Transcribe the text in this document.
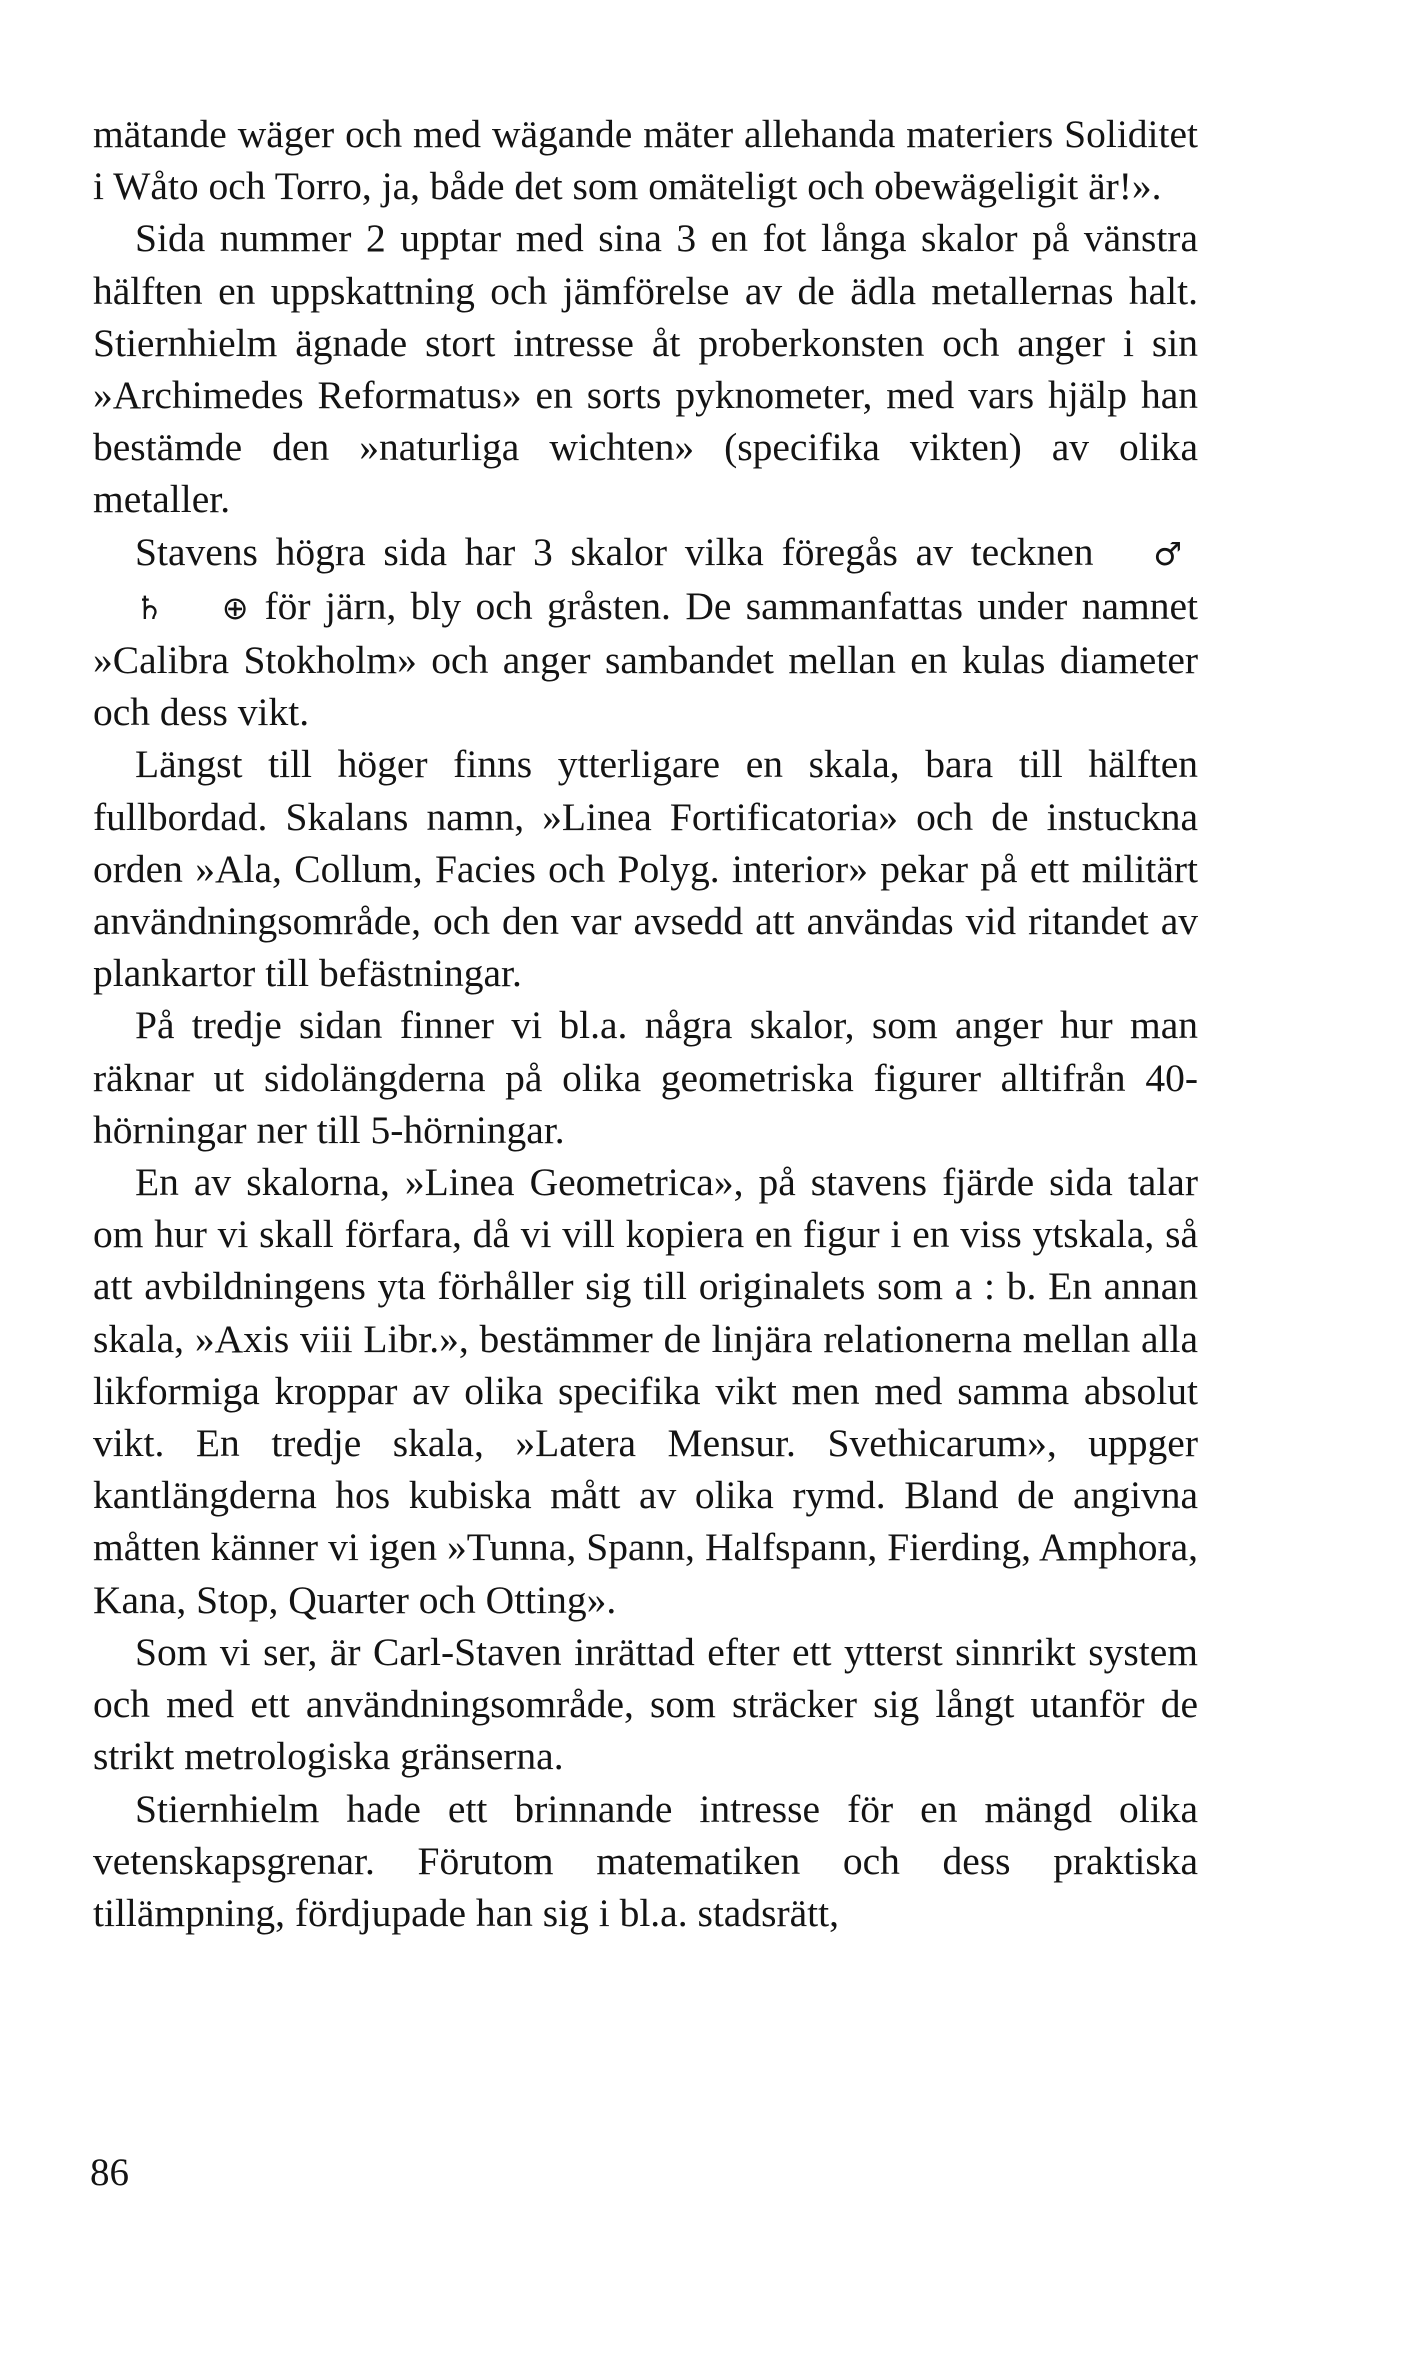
mätande wäger och med wägande mäter allehanda materiers Soliditet i Wåto och Torro, ja, både det som omäteligt och obewägeligit är!».

Sida nummer 2 upptar med sina 3 en fot långa skalor på vänstra hälften en uppskattning och jämförelse av de ädla metallernas halt. Stiernhielm ägnade stort intresse åt proberkonsten och anger i sin »Archimedes Reformatus» en sorts pyknometer, med vars hjälp han bestämde den »naturliga wichten» (specifika vikten) av olika metaller.

Stavens högra sida har 3 skalor vilka föregås av tecknen ♂♄ ⊕ för järn, bly och gråsten. De sammanfattas under namnet »Calibra Stokholm» och anger sambandet mellan en kulas diameter och dess vikt.

Längst till höger finns ytterligare en skala, bara till hälften fullbordad. Skalans namn, »Linea Fortificatoria» och de instuckna orden »Ala, Collum, Facies och Polyg. interior» pekar på ett militärt användningsområde, och den var avsedd att användas vid ritandet av plankartor till befästningar.

På tredje sidan finner vi bl.a. några skalor, som anger hur man räknar ut sidolängderna på olika geometriska figurer alltifrån 40-hörningar ner till 5-hörningar.

En av skalorna, »Linea Geometrica», på stavens fjärde sida talar om hur vi skall förfara, då vi vill kopiera en figur i en viss ytskala, så att avbildningens yta förhåller sig till originalets som a : b. En annan skala, »Axis viii Libr.», bestämmer de linjära relationerna mellan alla likformiga kroppar av olika specifika vikt men med samma absolut vikt. En tredje skala, »Latera Mensur. Svethicarum», uppger kantlängderna hos kubiska mått av olika rymd. Bland de angivna måtten känner vi igen »Tunna, Spann, Halfspann, Fierding, Amphora, Kana, Stop, Quarter och Otting».

Som vi ser, är Carl-Staven inrättad efter ett ytterst sinnrikt system och med ett användningsområde, som sträcker sig långt utanför de strikt metrologiska gränserna.

Stiernhielm hade ett brinnande intresse för en mängd olika vetenskapsgrenar. Förutom matematiken och dess praktiska tillämpning, fördjupade han sig i bl.a. stadsrätt,

86
